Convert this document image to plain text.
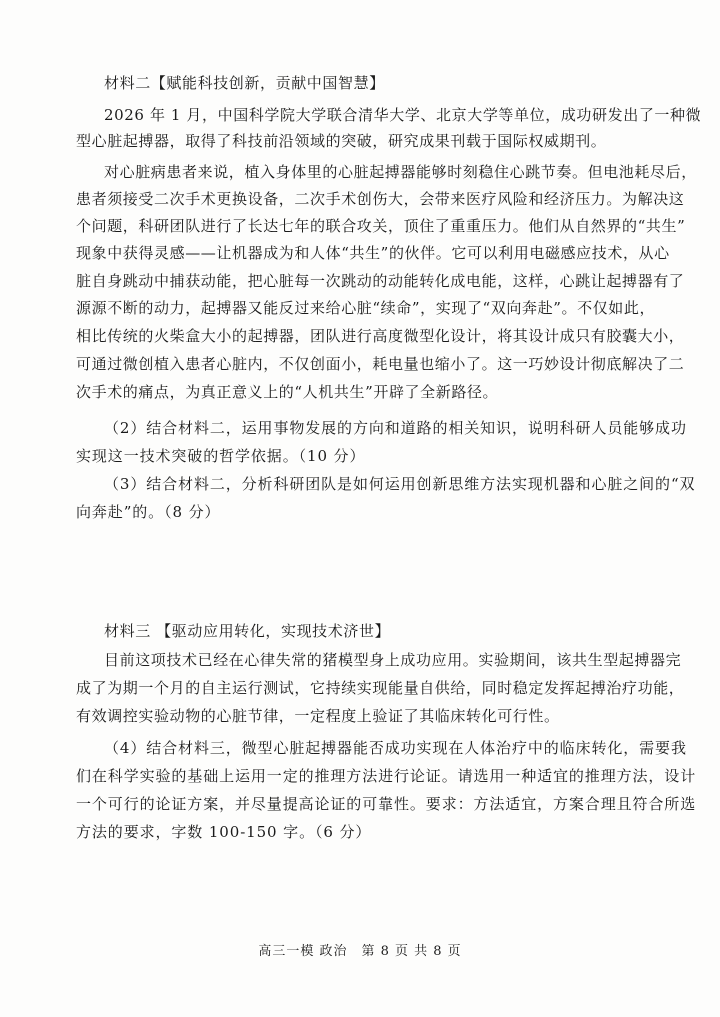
材料二【赋能科技创新，贡献中国智慧】
2026 年 1 月，中国科学院大学联合清华大学、北京大学等单位，成功研发出了一种微
型心脏起搏器，取得了科技前沿领域的突破，研究成果刊载于国际权威期刊。
对心脏病患者来说，植入身体里的心脏起搏器能够时刻稳住心跳节奏。但电池耗尽后，
患者须接受二次手术更换设备，二次手术创伤大，会带来医疗风险和经济压力。为解决这
个问题，科研团队进行了长达七年的联合攻关，顶住了重重压力。他们从自然界的“共生”
现象中获得灵感——让机器成为和人体“共生”的伙伴。它可以利用电磁感应技术，从心
脏自身跳动中捕获动能，把心脏每一次跳动的动能转化成电能，这样，心跳让起搏器有了
源源不断的动力，起搏器又能反过来给心脏“续命”，实现了“双向奔赴”。不仅如此，
相比传统的火柴盒大小的起搏器，团队进行高度微型化设计，将其设计成只有胶囊大小，
可通过微创植入患者心脏内，不仅创面小，耗电量也缩小了。这一巧妙设计彻底解决了二
次手术的痛点，为真正意义上的“人机共生”开辟了全新路径。
（2）结合材料二，运用事物发展的方向和道路的相关知识，说明科研人员能够成功
实现这一技术突破的哲学依据。（10 分）
（3）结合材料二，分析科研团队是如何运用创新思维方法实现机器和心脏之间的“双
向奔赴”的。（8 分）
材料三 【驱动应用转化，实现技术济世】
目前这项技术已经在心律失常的猪模型身上成功应用。实验期间，该共生型起搏器完
成了为期一个月的自主运行测试，它持续实现能量自供给，同时稳定发挥起搏治疗功能，
有效调控实验动物的心脏节律，一定程度上验证了其临床转化可行性。
（4）结合材料三，微型心脏起搏器能否成功实现在人体治疗中的临床转化，需要我
们在科学实验的基础上运用一定的推理方法进行论证。请选用一种适宜的推理方法，设计
一个可行的论证方案，并尽量提高论证的可靠性。要求：方法适宜，方案合理且符合所选
方法的要求，字数 100-150 字。（6 分）
高三一模 政治　第 8 页 共 8 页
